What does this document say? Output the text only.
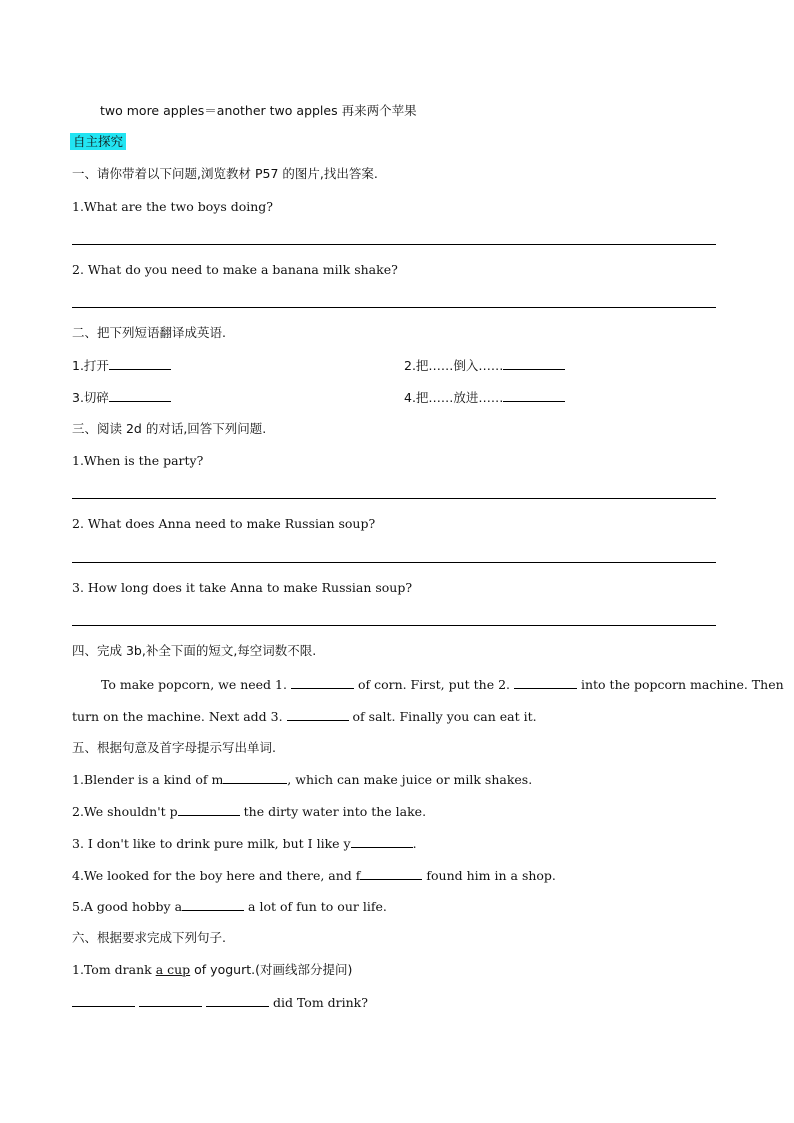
two more apples＝another two apples 再来两个苹果
自主探究
一、请你带着以下问题,浏览教材 P57 的图片,找出答案.
1.What are the two boys doing?
2. What do you need to make a banana milk shake?
二、把下列短语翻译成英语.
1.打开	2.把……倒入……
3.切碎	4.把……放进……
三、阅读 2d 的对话,回答下列问题.
1.When is the party?
2. What does Anna need to make Russian soup?
3. How long does it take Anna to make Russian soup?
四、完成 3b,补全下面的短文,每空词数不限.
To make popcorn, we need 1.	of corn. First, put the 2.	into the popcorn machine. Then
turn on the machine. Next add 3.	of salt. Finally you can eat it.
五、根据句意及首字母提示写出单词.
1.Blender is a kind of m	, which can make juice or milk shakes.
2.We shouldn't p	the dirty water into the lake.
3. I don't like to drink pure milk, but I like y	.
4.We looked for the boy here and there, and f	found him in a shop.
5.A good hobby a	a lot of fun to our life.
六、根据要求完成下列句子.
1.Tom drank a cup of yogurt.(对画线部分提问)
did Tom drink?
